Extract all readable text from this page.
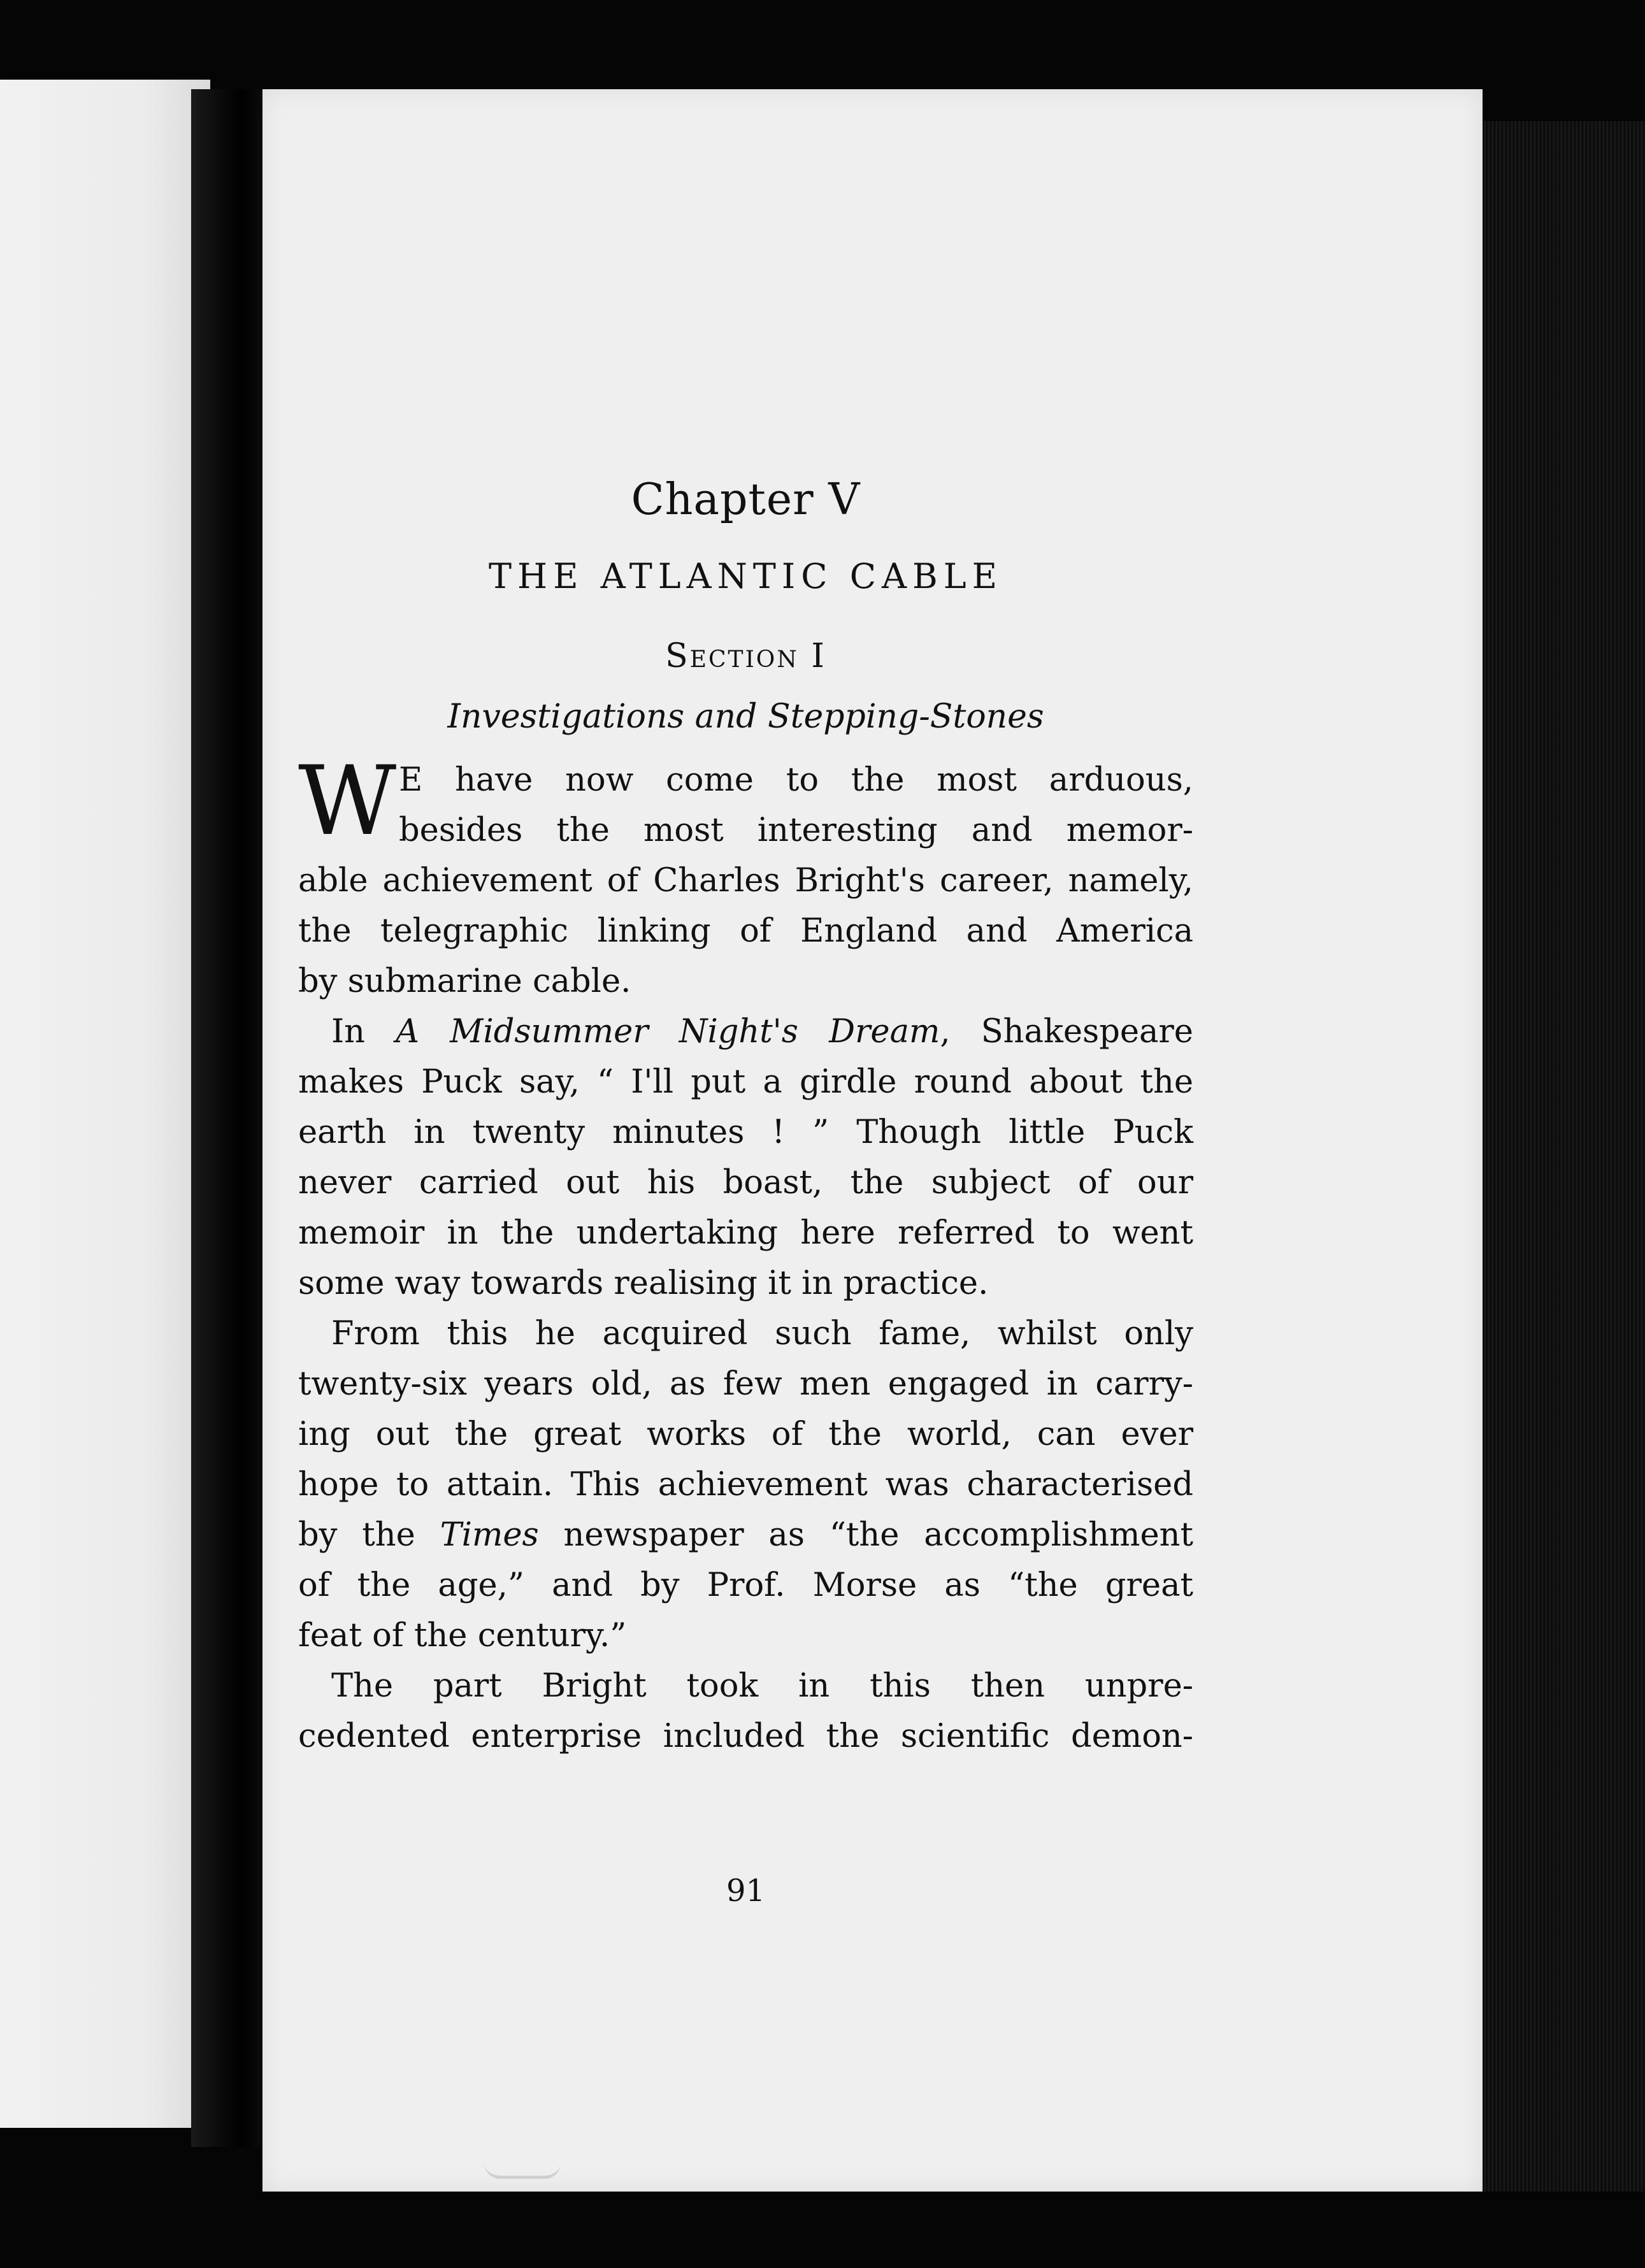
Chapter V
THE ATLANTIC CABLE
Section I
Investigations and Stepping-Stones
W E have now come to the most arduous,
besides the most interesting and memor-
able achievement of Charles Bright's career, namely,
the telegraphic linking of England and America
by submarine cable.
In A Midsummer Night's Dream, Shakespeare
makes Puck say, “ I'll put a girdle round about the
earth in twenty minutes ! ” Though little Puck
never carried out his boast, the subject of our
memoir in the undertaking here referred to went
some way towards realising it in practice.
From this he acquired such fame, whilst only
twenty-six years old, as few men engaged in carry-
ing out the great works of the world, can ever
hope to attain. This achievement was characterised
by the Times newspaper as “the accomplishment
of the age,” and by Prof. Morse as “the great
feat of the century.”
The part Bright took in this then unpre-
cedented enterprise included the scientific demon-
91
